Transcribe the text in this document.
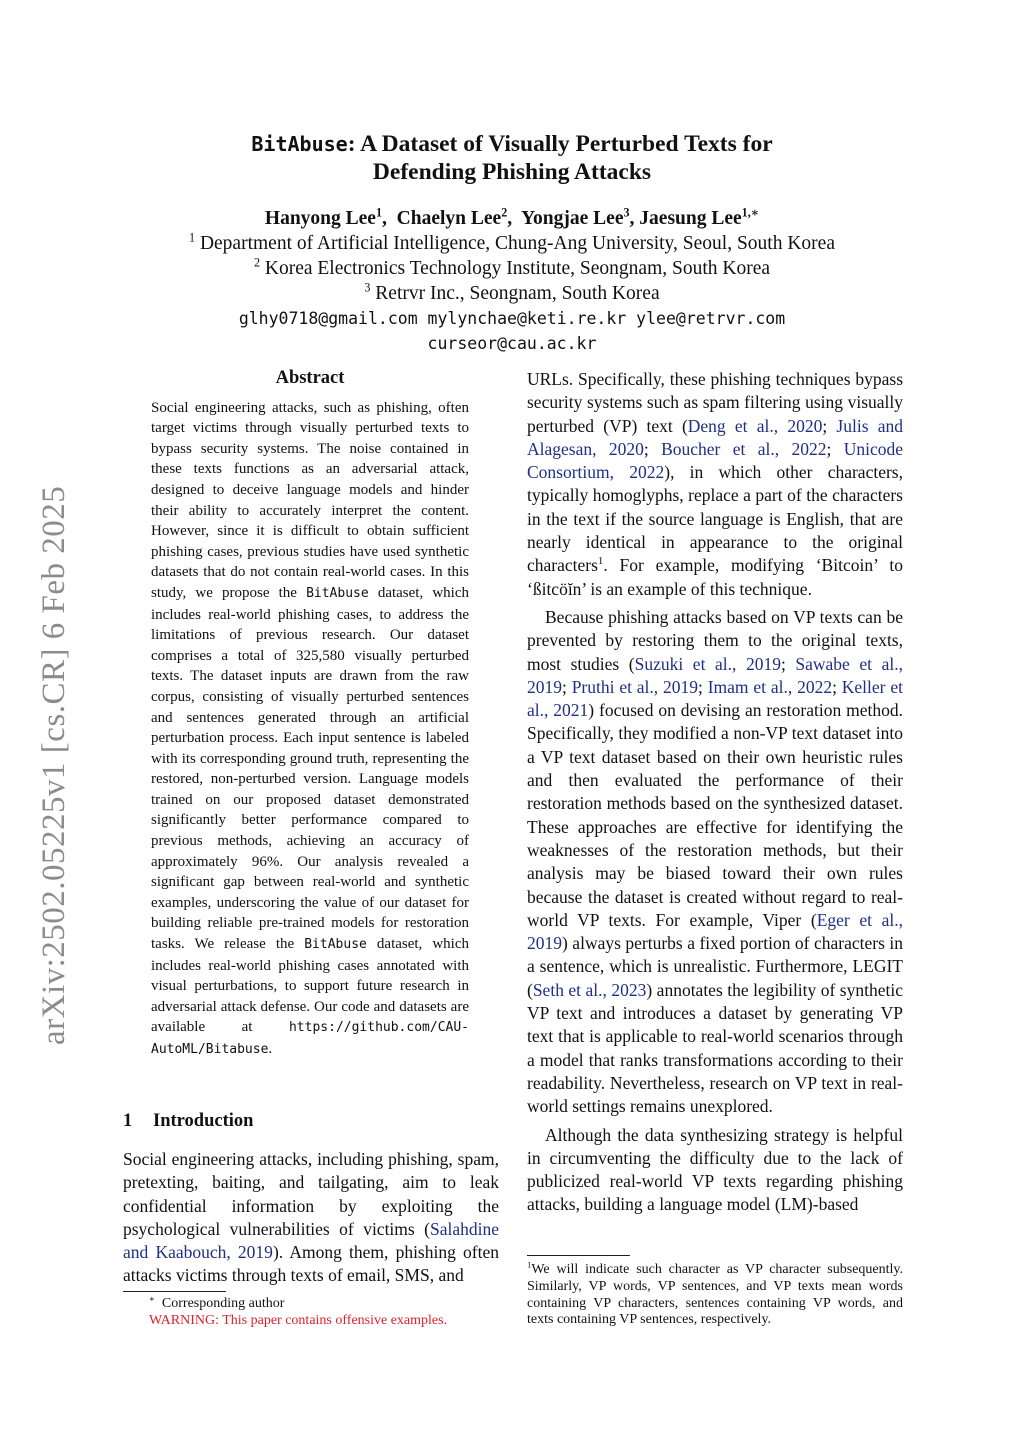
arXiv:2502.05225v1 [cs.CR] 6 Feb 2025
BitAbuse: A Dataset of Visually Perturbed Texts for
Defending Phishing Attacks
Hanyong Lee$^1$,  Chaelyn Lee$^2$,  Yongjae Lee$^3$, Jaesung Lee$^{1,∗}$
$^1$ Department of Artificial Intelligence, Chung-Ang University, Seoul, South Korea
$^2$ Korea Electronics Technology Institute, Seongnam, South Korea
$^3$ Retrvr Inc., Seongnam, South Korea
glhy0718@gmail.com mylynchae@keti.re.kr ylee@retrvr.com curseor@cau.ac.kr
Abstract
Social engineering attacks, such as phishing, often target victims through visually perturbed texts to bypass security systems. The noise contained in these texts functions as an adversarial attack, designed to deceive language models and hinder their ability to accurately interpret the content. However, since it is difficult to obtain sufficient phishing cases, previous studies have used synthetic datasets that do not contain real-world cases. In this study, we propose the BitAbuse dataset, which includes real-world phishing cases, to address the limitations of previous research. Our dataset comprises a total of 325,580 visually perturbed texts. The dataset inputs are drawn from the raw corpus, consisting of visually perturbed sentences and sentences generated through an artificial perturbation process. Each input sentence is labeled with its corresponding ground truth, representing the restored, non-perturbed version. Language models trained on our proposed dataset demonstrated significantly better performance compared to previous methods, achieving an accuracy of approximately 96%. Our analysis revealed a significant gap between real-world and synthetic examples, underscoring the value of our dataset for building reliable pre-trained models for restoration tasks. We release the BitAbuse dataset, which includes real-world phishing cases annotated with visual perturbations, to support future research in adversarial attack defense. Our code and datasets are available at	https://github.com/CAU-AutoML/Bitabuse.
1 Introduction
Social engineering attacks, including phishing, spam, pretexting, baiting, and tailgating, aim to leak confidential information by exploiting the psychological vulnerabilities of victims (Salahdine and Kaabouch, 2019). Among them, phishing often attacks victims through texts of email, SMS, and
∗ Corresponding author
WARNING: This paper contains offensive examples.

URLs. Specifically, these phishing techniques bypass security systems such as spam filtering using visually perturbed (VP) text (Deng et al., 2020; Julis and Alagesan, 2020; Boucher et al., 2022; Unicode Consortium, 2022), in which other characters, typically homoglyphs, replace a part of the characters in the text if the source language is English, that are nearly identical in appearance to the original characters$^1$. For example, modifying ‘Bitcoin’ to ‘ßitcöĭn’ is an example of this technique.

Because phishing attacks based on VP texts can be prevented by restoring them to the original texts, most studies (Suzuki et al., 2019; Sawabe et al., 2019; Pruthi et al., 2019; Imam et al., 2022; Keller et al., 2021) focused on devising an restoration method. Specifically, they modified a non-VP text dataset into a VP text dataset based on their own heuristic rules and then evaluated the performance of their restoration methods based on the synthesized dataset. These approaches are effective for identifying the weaknesses of the restoration methods, but their analysis may be biased toward their own rules because the dataset is created without regard to real-world VP texts. For example, Viper (Eger et al., 2019) always perturbs a fixed portion of characters in a sentence, which is unrealistic. Furthermore, LEGIT (Seth et al., 2023) annotates the legibility of synthetic VP text and introduces a dataset by generating VP text that is applicable to real-world scenarios through a model that ranks transformations according to their readability. Nevertheless, research on VP text in real-world settings remains unexplored.

Although the data synthesizing strategy is helpful in circumventing the difficulty due to the lack of publicized real-world VP texts regarding phishing attacks, building a language model (LM)-based

$^1$We will indicate such character as VP character subsequently. Similarly, VP words, VP sentences, and VP texts mean words containing VP characters, sentences containing VP words, and texts containing VP sentences, respectively.
